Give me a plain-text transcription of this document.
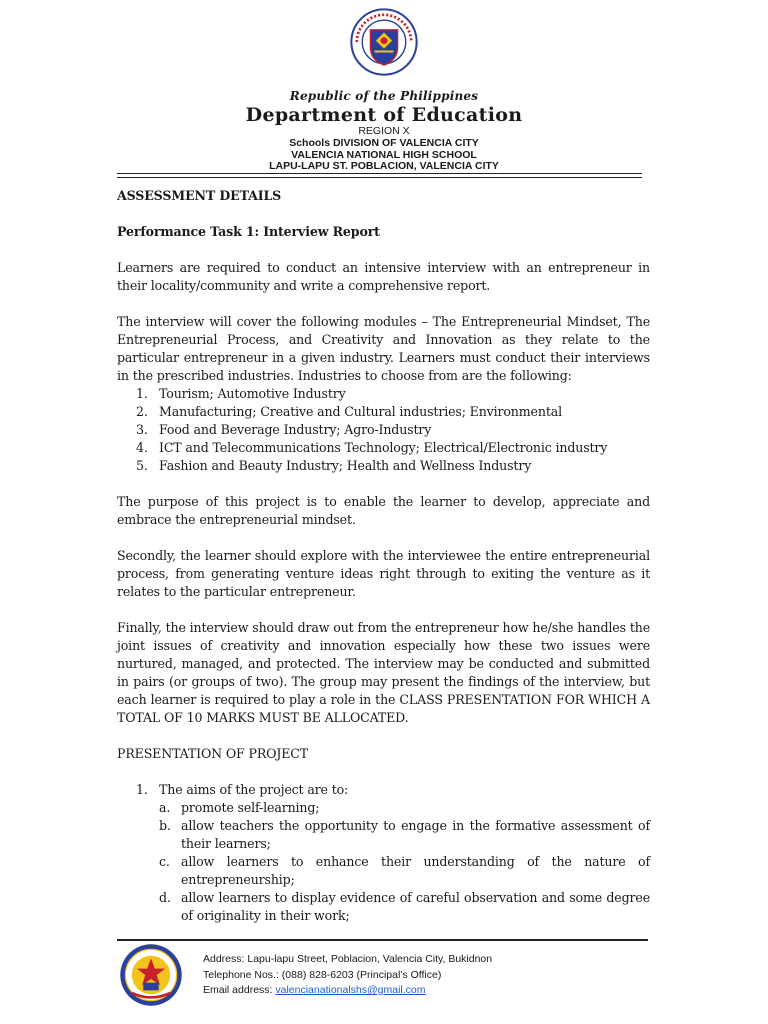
Republic of the Philippines
Department of Education
REGION X
Schools DIVISION OF VALENCIA CITY
VALENCIA NATIONAL HIGH SCHOOL
LAPU-LAPU ST. POBLACION, VALENCIA CITY

ASSESSMENT DETAILS

Performance Task 1: Interview Report

Learners are required to conduct an intensive interview with an entrepreneur in their locality/community and write a comprehensive report.

The interview will cover the following modules – The Entrepreneurial Mindset, The Entrepreneurial Process, and Creativity and Innovation as they relate to the particular entrepreneur in a given industry. Learners must conduct their interviews in the prescribed industries. Industries to choose from are the following:

1. Tourism; Automotive Industry
2. Manufacturing; Creative and Cultural industries; Environmental
3. Food and Beverage Industry; Agro-Industry
4. ICT and Telecommunications Technology; Electrical/Electronic industry
5. Fashion and Beauty Industry; Health and Wellness Industry

The purpose of this project is to enable the learner to develop, appreciate and embrace the entrepreneurial mindset.

Secondly, the learner should explore with the interviewee the entire entrepreneurial process, from generating venture ideas right through to exiting the venture as it relates to the particular entrepreneur.

Finally, the interview should draw out from the entrepreneur how he/she handles the joint issues of creativity and innovation especially how these two issues were nurtured, managed, and protected. The interview may be conducted and submitted in pairs (or groups of two). The group may present the findings of the interview, but each learner is required to play a role in the CLASS PRESENTATION FOR WHICH A TOTAL OF 10 MARKS MUST BE ALLOCATED.

PRESENTATION OF PROJECT

1. The aims of the project are to:
a. promote self-learning;
b. allow teachers the opportunity to engage in the formative assessment of their learners;
c. allow learners to enhance their understanding of the nature of entrepreneurship;
d. allow learners to display evidence of careful observation and some degree of originality in their work;
Address: Lapu-lapu Street, Poblacion, Valencia City, Bukidnon
Telephone Nos.: (088) 828-6203 (Principal’s Office)
Email address: valencianationalshs@gmail.com
